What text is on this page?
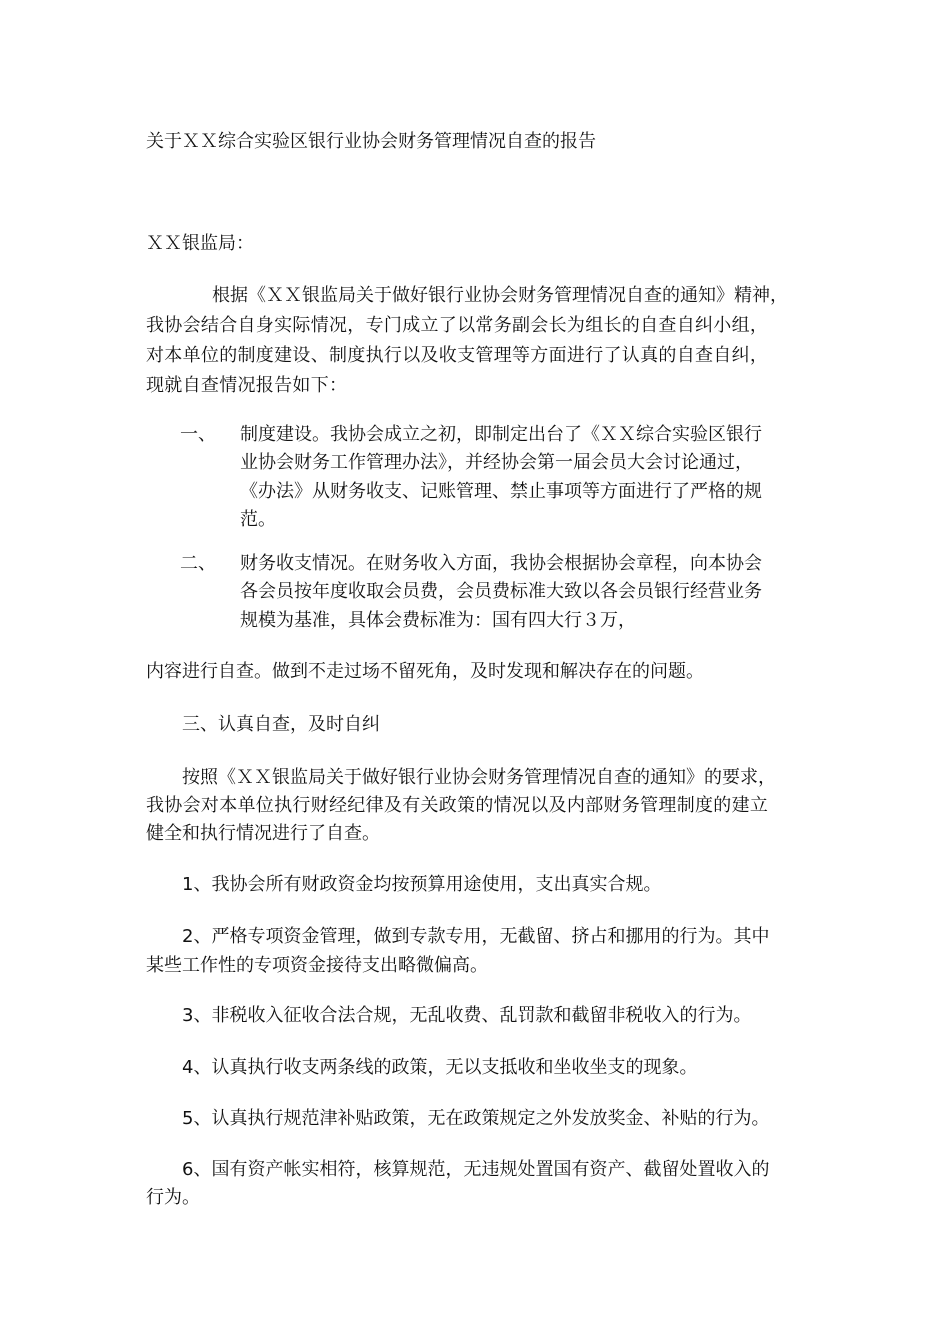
关于ＸＸ综合实验区银行业协会财务管理情况自查的报告
ＸＸ银监局：
根据《ＸＸ银监局关于做好银行业协会财务管理情况自查的通知》精神，
我协会结合自身实际情况，专门成立了以常务副会长为组长的自查自纠小组，
对本单位的制度建设、制度执行以及收支管理等方面进行了认真的自查自纠，
现就自查情况报告如下：
一、 制度建设。我协会成立之初，即制定出台了《ＸＸ综合实验区银行
业协会财务工作管理办法》，并经协会第一届会员大会讨论通过，
《办法》从财务收支、记账管理、禁止事项等方面进行了严格的规
范。
二、 财务收支情况。在财务收入方面，我协会根据协会章程，向本协会
各会员按年度收取会员费，会员费标准大致以各会员银行经营业务
规模为基准，具体会费标准为：国有四大行３万，
内容进行自查。做到不走过场不留死角，及时发现和解决存在的问题。
三、认真自查，及时自纠
按照《ＸＸ银监局关于做好银行业协会财务管理情况自查的通知》的要求，
我协会对本单位执行财经纪律及有关政策的情况以及内部财务管理制度的建立
健全和执行情况进行了自查。
1、我协会所有财政资金均按预算用途使用，支出真实合规。
2、严格专项资金管理，做到专款专用，无截留、挤占和挪用的行为。其中
某些工作性的专项资金接待支出略微偏高。
3、非税收入征收合法合规，无乱收费、乱罚款和截留非税收入的行为。
4、认真执行收支两条线的政策，无以支抵收和坐收坐支的现象。
5、认真执行规范津补贴政策，无在政策规定之外发放奖金、补贴的行为。
6、国有资产帐实相符，核算规范，无违规处置国有资产、截留处置收入的
行为。
